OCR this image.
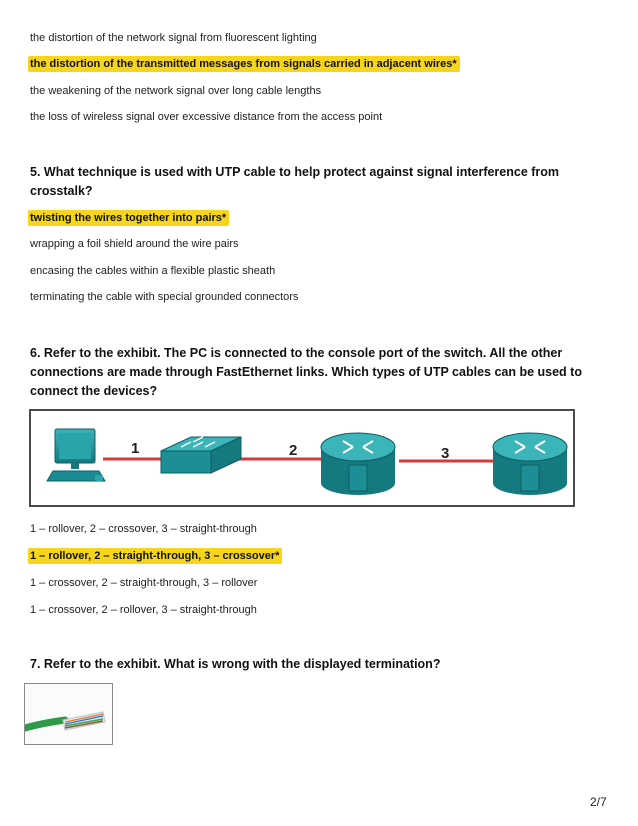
the distortion of the network signal from fluorescent lighting
the distortion of the transmitted messages from signals carried in adjacent wires*
the weakening of the network signal over long cable lengths
the loss of wireless signal over excessive distance from the access point
5. What technique is used with UTP cable to help protect against signal interference from crosstalk?
twisting the wires together into pairs*
wrapping a foil shield around the wire pairs
encasing the cables within a flexible plastic sheath
terminating the cable with special grounded connectors
6. Refer to the exhibit. The PC is connected to the console port of the switch. All the other connections are made through FastEthernet links. Which types of UTP cables can be used to connect the devices?
1	2	3
1 – rollover, 2 – crossover, 3 – straight-through
1 – rollover, 2 – straight-through, 3 – crossover*
1 – crossover, 2 – straight-through, 3 – rollover
1 – crossover, 2 – rollover, 3 – straight-through
7. Refer to the exhibit. What is wrong with the displayed termination?
2/7
